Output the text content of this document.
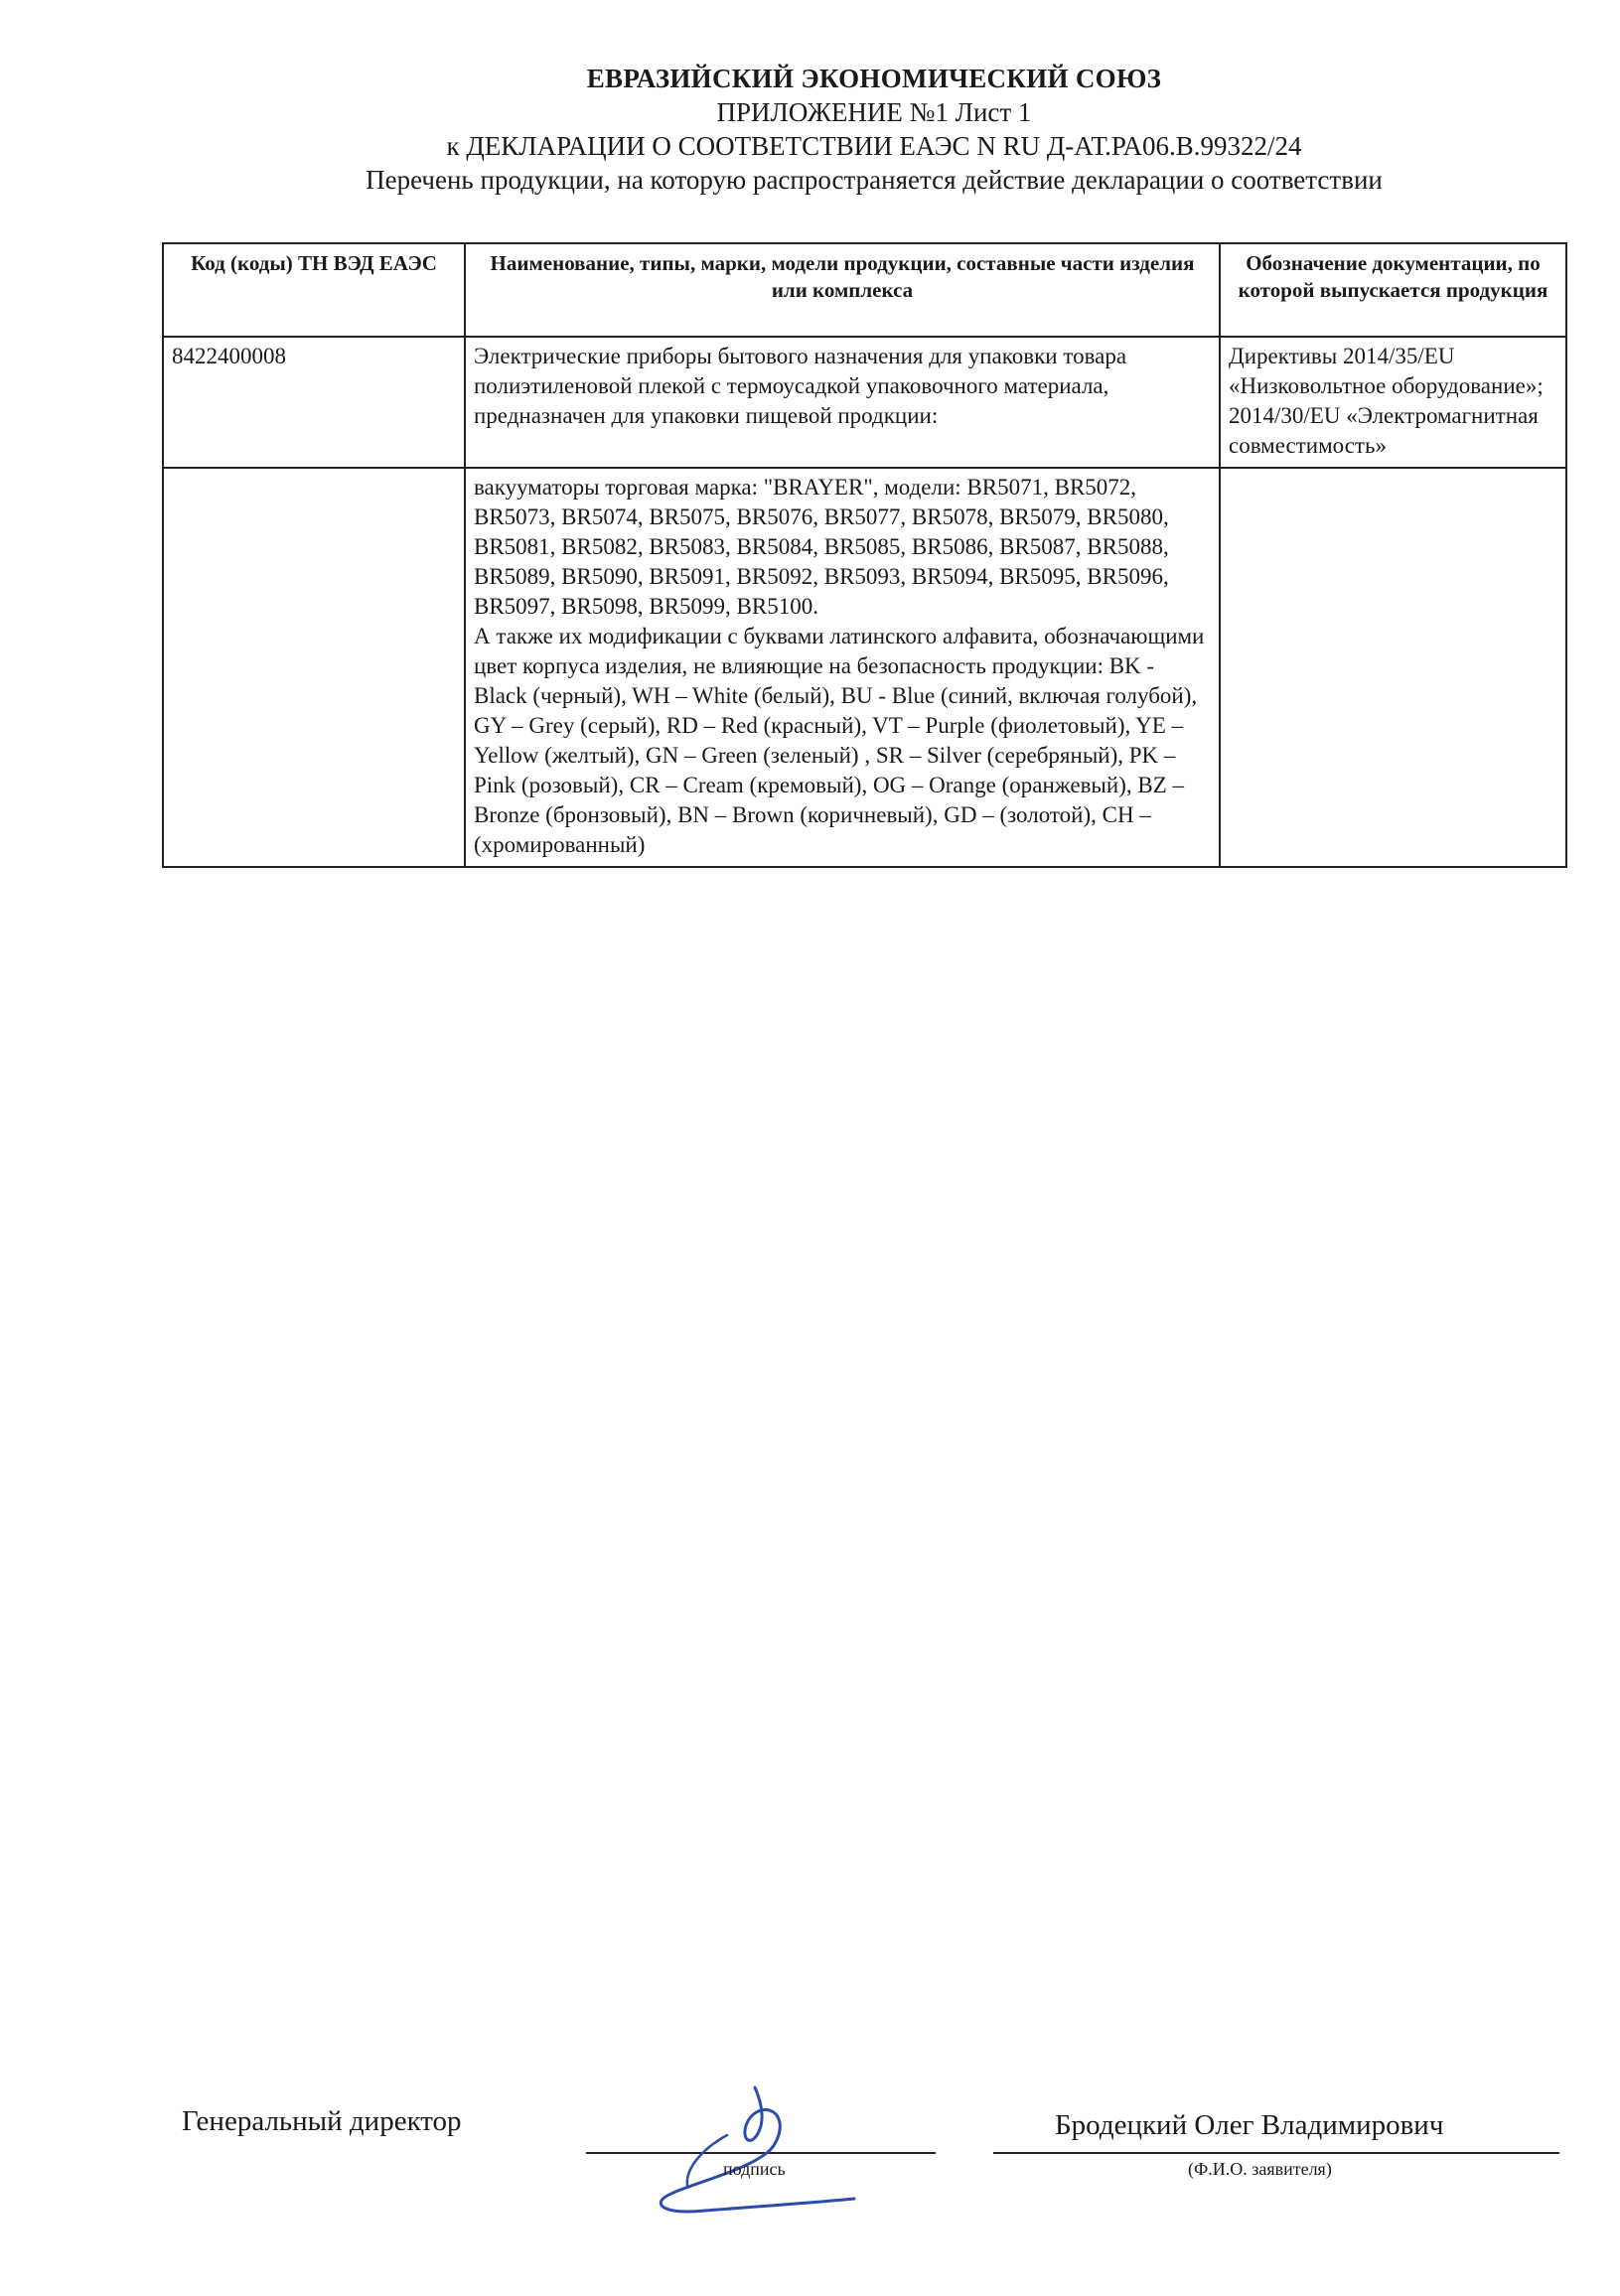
ЕВРАЗИЙСКИЙ ЭКОНОМИЧЕСКИЙ СОЮЗ
ПРИЛОЖЕНИЕ №1 Лист 1
к ДЕКЛАРАЦИИ О СООТВЕТСТВИИ ЕАЭС N RU Д-АТ.РА06.В.99322/24
Перечень продукции, на которую распространяется действие декларации о соответствии
Код (коды) ТН ВЭД ЕАЭС	Наименование, типы, марки, модели продукции, составные части изделия или комплекса	Обозначение документации, по которой выпускается продукция
8422400008	Электрические приборы бытового назначения для упаковки товара полиэтиленовой плекой с термоусадкой упаковочного материала, предназначен для упаковки пищевой продкции:	Директивы 2014/35/EU «Низковольтное оборудование»; 2014/30/EU «Электромагнитная совместимость»

	вакууматоры торговая марка: "BRAYER", модели: BR5071, BR5072, BR5073, BR5074, BR5075, BR5076, BR5077, BR5078, BR5079, BR5080, BR5081, BR5082, BR5083, BR5084, BR5085, BR5086, BR5087, BR5088, BR5089, BR5090, BR5091, BR5092, BR5093, BR5094, BR5095, BR5096, BR5097, BR5098, BR5099, BR5100.
А также их модификации с буквами латинского алфавита, обозначающими цвет корпуса изделия, не влияющие на безопасность продукции: BK - Black (черный), WH – White (белый), BU - Blue (синий, включая голубой), GY – Grey (серый), RD – Red (красный), VT – Purple (фиолетовый), YE – Yellow (желтый), GN – Green (зеленый) , SR – Silver (серебряный), PK – Pink (розовый), CR – Cream (кремовый), OG – Orange (оранжевый), BZ – Bronze (бронзовый), BN – Brown (коричневый), GD – (золотой), CH – (хромированный)	

Генеральный директор
подпись
Бродецкий Олег Владимирович
(Ф.И.О. заявителя)
